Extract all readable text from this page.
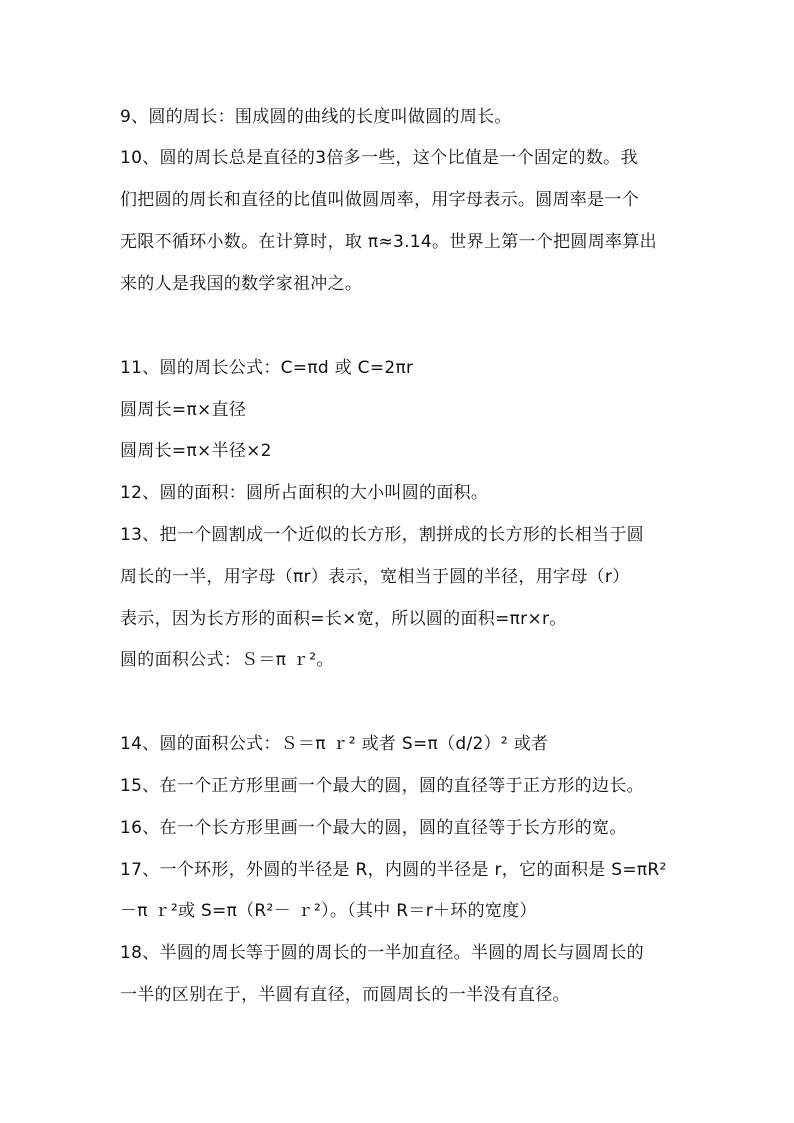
9、圆的周长：围成圆的曲线的长度叫做圆的周长。
10、圆的周长总是直径的3倍多一些，这个比值是一个固定的数。我
们把圆的周长和直径的比值叫做圆周率，用字母表示。圆周率是一个
无限不循环小数。在计算时，取 π≈3.14。世界上第一个把圆周率算出
来的人是我国的数学家祖冲之。
11、圆的周长公式：C=πd 或 C=2πr
圆周长=π×直径
圆周长=π×半径×2
12、圆的面积：圆所占面积的大小叫圆的面积。
13、把一个圆割成一个近似的长方形，割拼成的长方形的长相当于圆
周长的一半，用字母（πr）表示，宽相当于圆的半径，用字母（r）
表示，因为长方形的面积=长×宽，所以圆的面积=πr×r。
圆的面积公式：Ｓ＝π ｒ²。
14、圆的面积公式：Ｓ＝π ｒ² 或者 S=π（d/2）² 或者
15、在一个正方形里画一个最大的圆，圆的直径等于正方形的边长。
16、在一个长方形里画一个最大的圆，圆的直径等于长方形的宽。
17、一个环形，外圆的半径是 R，内圆的半径是 r，它的面积是 S=πR²
－π ｒ²或 S=π（R²－ ｒ²）。（其中 R＝r＋环的宽度）
18、半圆的周长等于圆的周长的一半加直径。半圆的周长与圆周长的
一半的区别在于，半圆有直径，而圆周长的一半没有直径。
